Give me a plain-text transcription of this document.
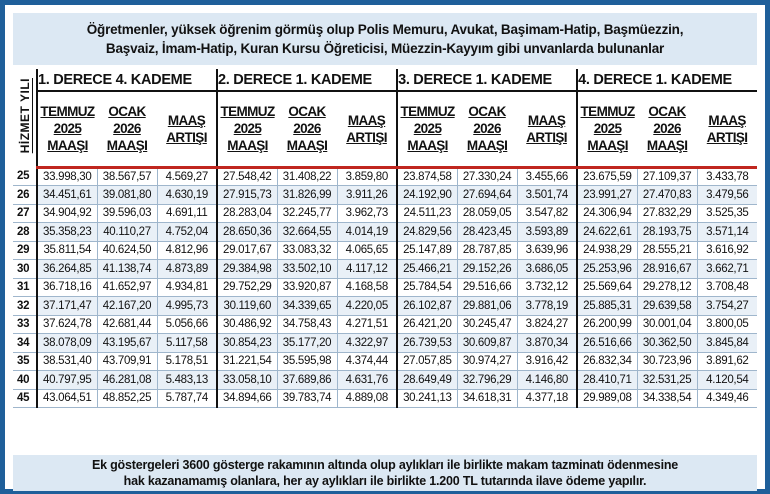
Öğretmenler, yüksek öğrenim görmüş olup Polis Memuru, Avukat, Başimam-Hatip, Başmüezzin,
Başvaiz, İmam-Hatip, Kuran Kursu Öğreticisi, Müezzin-Kayyım gibi unvanlarda bulunanlar
HİZMET YILI	1. DERECE 4. KADEME			2. DERECE 1. KADEME			3. DERECE 1. KADEME			4. DERECE 1. KADEME		

	TEMMUZ
2025
MAAŞI	OCAK
2026
MAAŞI	MAAŞ
ARTIŞI	TEMMUZ
2025
MAAŞI	OCAK
2026
MAAŞI	MAAŞ
ARTIŞI	TEMMUZ
2025
MAAŞI	OCAK
2026
MAAŞI	MAAŞ
ARTIŞI	TEMMUZ
2025
MAAŞI	OCAK
2026
MAAŞI	MAAŞ
ARTIŞI

25	33.998,30	38.567,57	4.569,27	27.548,42	31.408,22	3.859,80	23.874,58	27.330,24	3.455,66	23.675,59	27.109,37	3.433,78
26	34.451,61	39.081,80	4.630,19	27.915,73	31.826,99	3.911,26	24.192,90	27.694,64	3.501,74	23.991,27	27.470,83	3.479,56
27	34.904,92	39.596,03	4.691,11	28.283,04	32.245,77	3.962,73	24.511,23	28.059,05	3.547,82	24.306,94	27.832,29	3.525,35
28	35.358,23	40.110,27	4.752,04	28.650,36	32.664,55	4.014,19	24.829,56	28.423,45	3.593,89	24.622,61	28.193,75	3.571,14
29	35.811,54	40.624,50	4.812,96	29.017,67	33.083,32	4.065,65	25.147,89	28.787,85	3.639,96	24.938,29	28.555,21	3.616,92
30	36.264,85	41.138,74	4.873,89	29.384,98	33.502,10	4.117,12	25.466,21	29.152,26	3.686,05	25.253,96	28.916,67	3.662,71
31	36.718,16	41.652,97	4.934,81	29.752,29	33.920,87	4.168,58	25.784,54	29.516,66	3.732,12	25.569,64	29.278,12	3.708,48
32	37.171,47	42.167,20	4.995,73	30.119,60	34.339,65	4.220,05	26.102,87	29.881,06	3.778,19	25.885,31	29.639,58	3.754,27
33	37.624,78	42.681,44	5.056,66	30.486,92	34.758,43	4.271,51	26.421,20	30.245,47	3.824,27	26.200,99	30.001,04	3.800,05
34	38.078,09	43.195,67	5.117,58	30.854,23	35.177,20	4.322,97	26.739,53	30.609,87	3.870,34	26.516,66	30.362,50	3.845,84
35	38.531,40	43.709,91	5.178,51	31.221,54	35.595,98	4.374,44	27.057,85	30.974,27	3.916,42	26.832,34	30.723,96	3.891,62
40	40.797,95	46.281,08	5.483,13	33.058,10	37.689,86	4.631,76	28.649,49	32.796,29	4.146,80	28.410,71	32.531,25	4.120,54
45	43.064,51	48.852,25	5.787,74	34.894,66	39.783,74	4.889,08	30.241,13	34.618,31	4.377,18	29.989,08	34.338,54	4.349,46
Ek göstergeleri 3600 gösterge rakamının altında olup aylıkları ile birlikte makam tazminatı ödenmesine
hak kazanamamış olanlara, her ay aylıkları ile birlikte 1.200 TL tutarında ilave ödeme yapılır.
